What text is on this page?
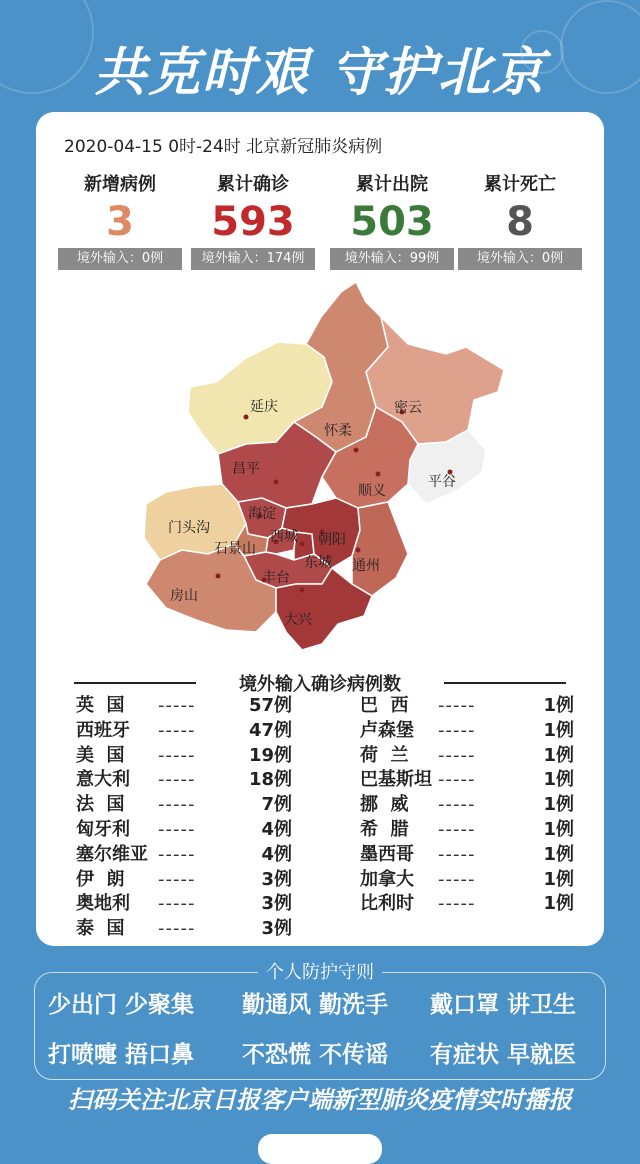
共克时艰 守护北京
2020-04-15 0时-24时 北京新冠肺炎病例
新增病例
3
境外输入：0例
累计确诊
593
境外输入：174例
累计出院
503
境外输入：99例
累计死亡
8
境外输入：0例
延庆
怀柔
密云
昌平
顺义
平谷
门头沟
海淀
西城 朝阳
石景山
东城 通州
丰台
房山
大兴
境外输入确诊病例数
英  国 -----	57例
西班牙 -----	47例
美  国 -----	19例
意大利 -----	18例
法  国 -----	7例
匈牙利 -----	4例
塞尔维亚 -----	4例
伊  朗 -----	3例
奥地利 -----	3例
泰  国 -----	3例
巴  西 -----	1例
卢森堡 -----	1例
荷  兰 -----	1例
巴基斯坦 -----	1例
挪  威 -----	1例
希  腊 -----	1例
墨西哥 -----	1例
加拿大 -----	1例
比利时 -----	1例
个人防护守则
少出门 少聚集 勤通风 勤洗手 戴口罩 讲卫生
打喷嚏 捂口鼻 不恐慌 不传谣 有症状 早就医
扫码关注北京日报客户端新型肺炎疫情实时播报
